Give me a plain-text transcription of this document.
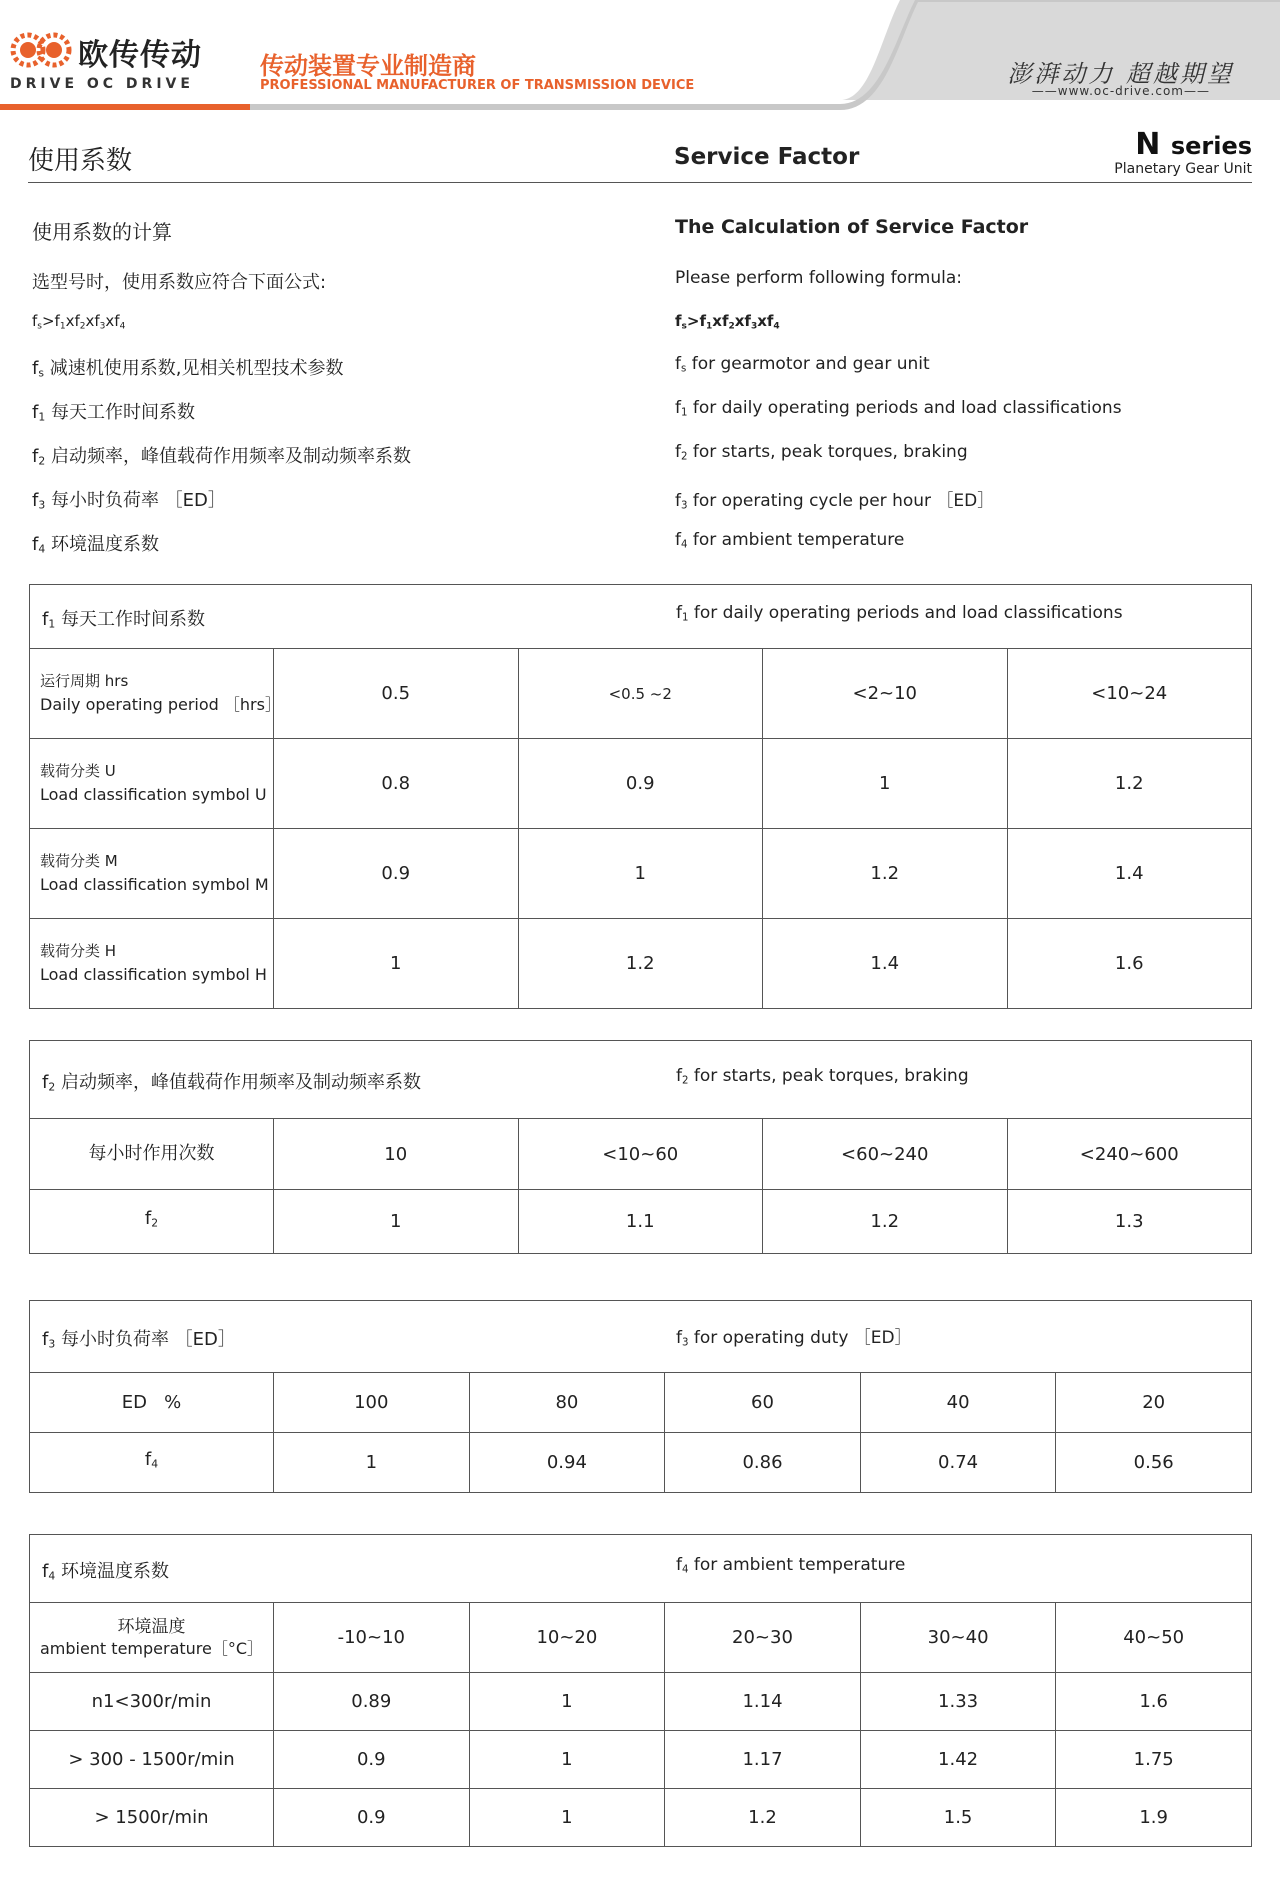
欧传传动
DRIVE OC DRIVE
传动装置专业制造商
PROFESSIONAL MANUFACTURER OF TRANSMISSION DEVICE	澎湃动力 超越期望
——www.oc-drive.com——
使用系数	Service Factor	N series
Planetary Gear Unit
使用系数的计算	The Calculation of Service Factor
选型号时，使用系数应符合下面公式:	Please perform following formula:
$f_s>f_1xf_2xf_3xf_4$	$f_s>f_1xf_2xf_3xf_4$
$f_s$ 减速机使用系数,见相关机型技术参数	$f_s$ for gearmotor and gear unit
$f_1$ 每天工作时间系数	$f_1$ for daily operating periods and load classifications
$f_2$ 启动频率，峰值载荷作用频率及制动频率系数	$f_2$ for starts, peak torques, braking
$f_3$ 每小时负荷率 ［ED］	$f_3$ for operating cycle per hour ［ED］
$f_4$ 环境温度系数	$f_4$ for ambient temperature
$f_1$ 每天工作时间系数 $f_1$ for daily operating periods and load classifications				

运行周期 hrs
Daily operating period ［hrs］	0.5	<0.5 ~2	<2~10	<10~24

载荷分类 U
Load classification symbol U	0.8	0.9	1	1.2

载荷分类 M
Load classification symbol M	0.9	1	1.2	1.4

载荷分类 H
Load classification symbol H	1	1.2	1.4	1.6
$f_2$ 启动频率，峰值载荷作用频率及制动频率系数 $f_2$ for starts, peak torques, braking				

每小时作用次数	10	<10~60	<60~240	<240~600
$f_2$	1	1.1	1.2	1.3
$f_3$ 每小时负荷率 ［ED］ $f_3$ for operating duty ［ED］					

ED   %	100	80	60	40	20
$f_4$	1	0.94	0.86	0.74	0.56
$f_4$ 环境温度系数 $f_4$ for ambient temperature					

环境温度
ambient temperature［°C］	-10~10	10~20	20~30	30~40	40~50
n1<300r/min	0.89	1	1.14	1.33	1.6
> 300 - 1500r/min	0.9	1	1.17	1.42	1.75
> 1500r/min	0.9	1	1.2	1.5	1.9
